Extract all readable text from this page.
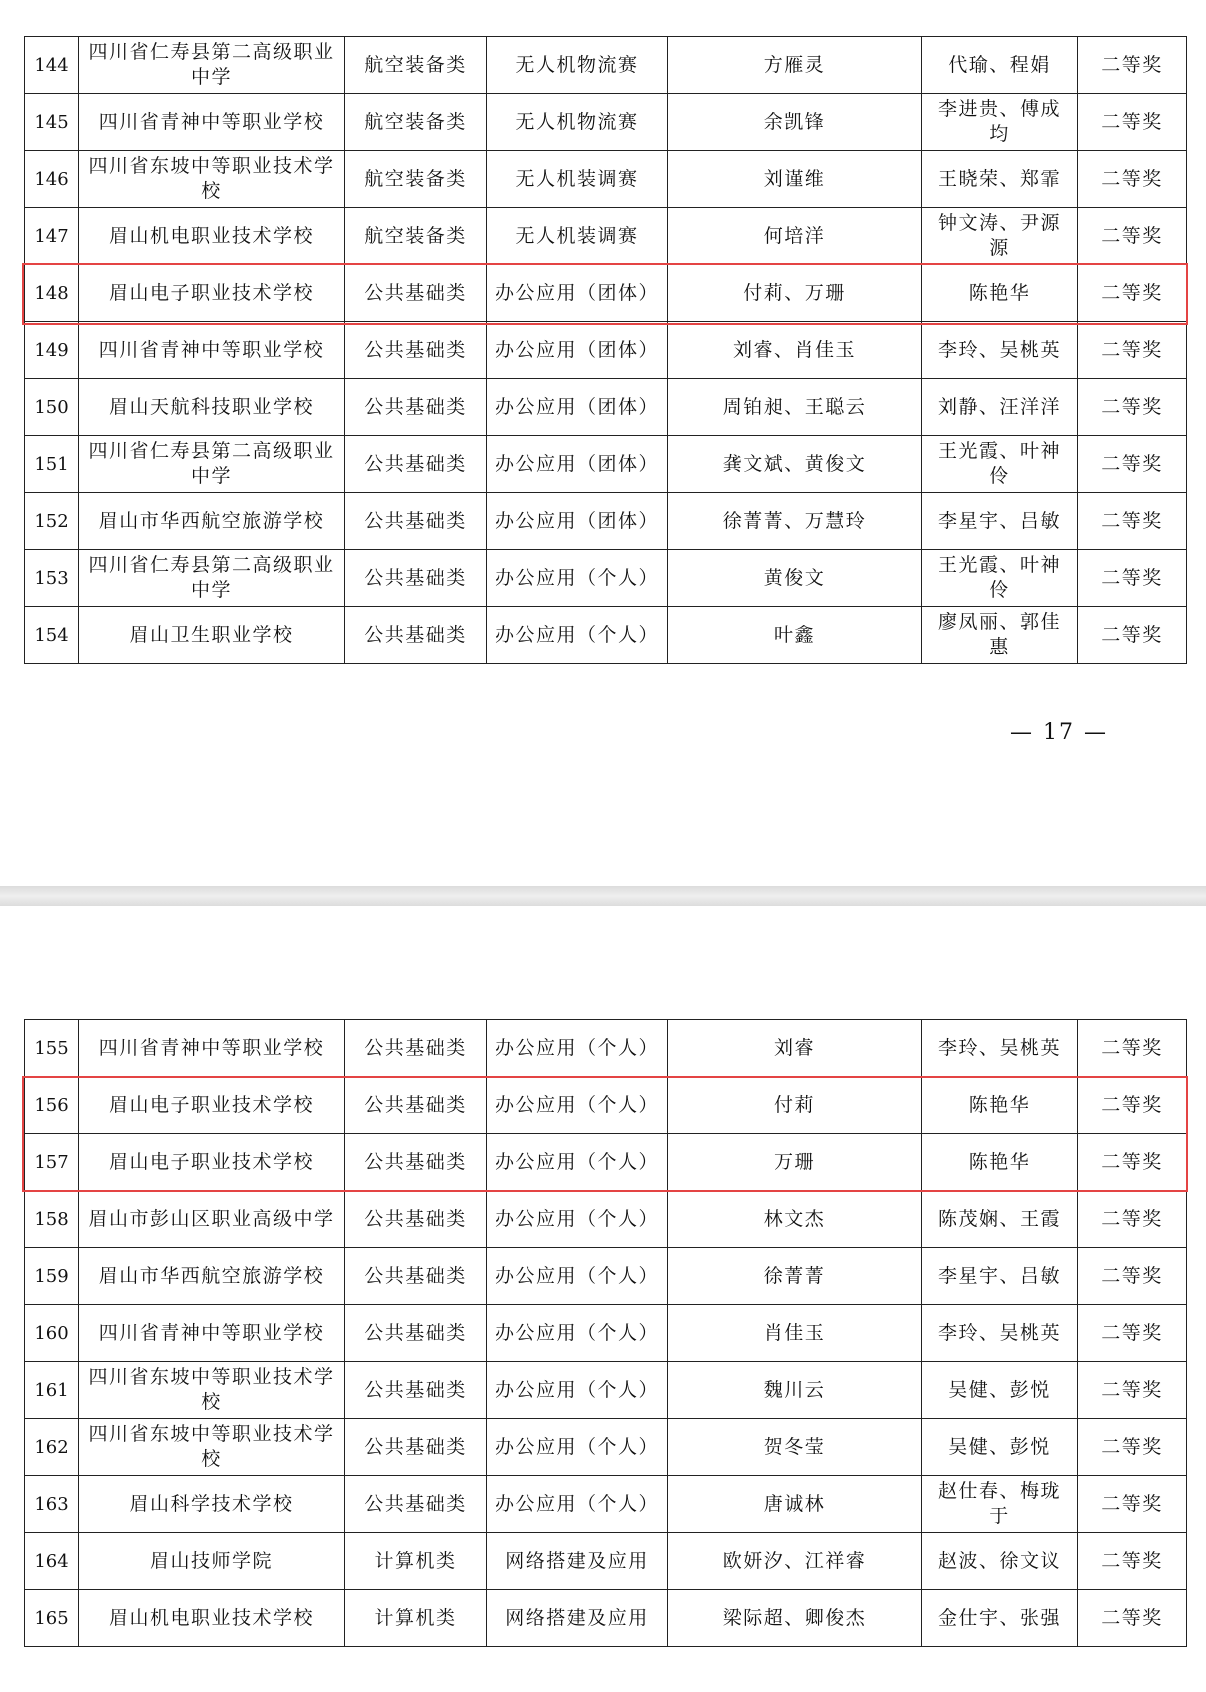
144	四川省仁寿县第二高级职业中学	航空装备类	无人机物流赛	方雁灵	代瑜、程娟	二等奖
145	四川省青神中等职业学校	航空装备类	无人机物流赛	余凯锋	李进贵、傅成均	二等奖
146	四川省东坡中等职业技术学校	航空装备类	无人机装调赛	刘谨维	王晓荣、郑霏	二等奖
147	眉山机电职业技术学校	航空装备类	无人机装调赛	何培洋	钟文涛、尹源源	二等奖
148	眉山电子职业技术学校	公共基础类	办公应用（团体）	付莉、万珊	陈艳华	二等奖
149	四川省青神中等职业学校	公共基础类	办公应用（团体）	刘睿、肖佳玉	李玲、吴桃英	二等奖
150	眉山天航科技职业学校	公共基础类	办公应用（团体）	周铂昶、王聪云	刘静、汪洋洋	二等奖
151	四川省仁寿县第二高级职业中学	公共基础类	办公应用（团体）	龚文斌、黄俊文	王光霞、叶神伶	二等奖
152	眉山市华西航空旅游学校	公共基础类	办公应用（团体）	徐菁菁、万慧玲	李星宇、吕敏	二等奖
153	四川省仁寿县第二高级职业中学	公共基础类	办公应用（个人）	黄俊文	王光霞、叶神伶	二等奖
154	眉山卫生职业学校	公共基础类	办公应用（个人）	叶鑫	廖凤丽、郭佳惠	二等奖
155	四川省青神中等职业学校	公共基础类	办公应用（个人）	刘睿	李玲、吴桃英	二等奖
156	眉山电子职业技术学校	公共基础类	办公应用（个人）	付莉	陈艳华	二等奖
157	眉山电子职业技术学校	公共基础类	办公应用（个人）	万珊	陈艳华	二等奖
158	眉山市彭山区职业高级中学	公共基础类	办公应用（个人）	林文杰	陈茂娴、王霞	二等奖
159	眉山市华西航空旅游学校	公共基础类	办公应用（个人）	徐菁菁	李星宇、吕敏	二等奖
160	四川省青神中等职业学校	公共基础类	办公应用（个人）	肖佳玉	李玲、吴桃英	二等奖
161	四川省东坡中等职业技术学校	公共基础类	办公应用（个人）	魏川云	吴健、彭悦	二等奖
162	四川省东坡中等职业技术学校	公共基础类	办公应用（个人）	贺冬莹	吴健、彭悦	二等奖
163	眉山科学技术学校	公共基础类	办公应用（个人）	唐诚林	赵仕春、梅珑于	二等奖
164	眉山技师学院	计算机类	网络搭建及应用	欧妍汐、江祥睿	赵波、徐文议	二等奖
165	眉山机电职业技术学校	计算机类	网络搭建及应用	梁际超、卿俊杰	金仕宇、张强	二等奖
— 17 —
